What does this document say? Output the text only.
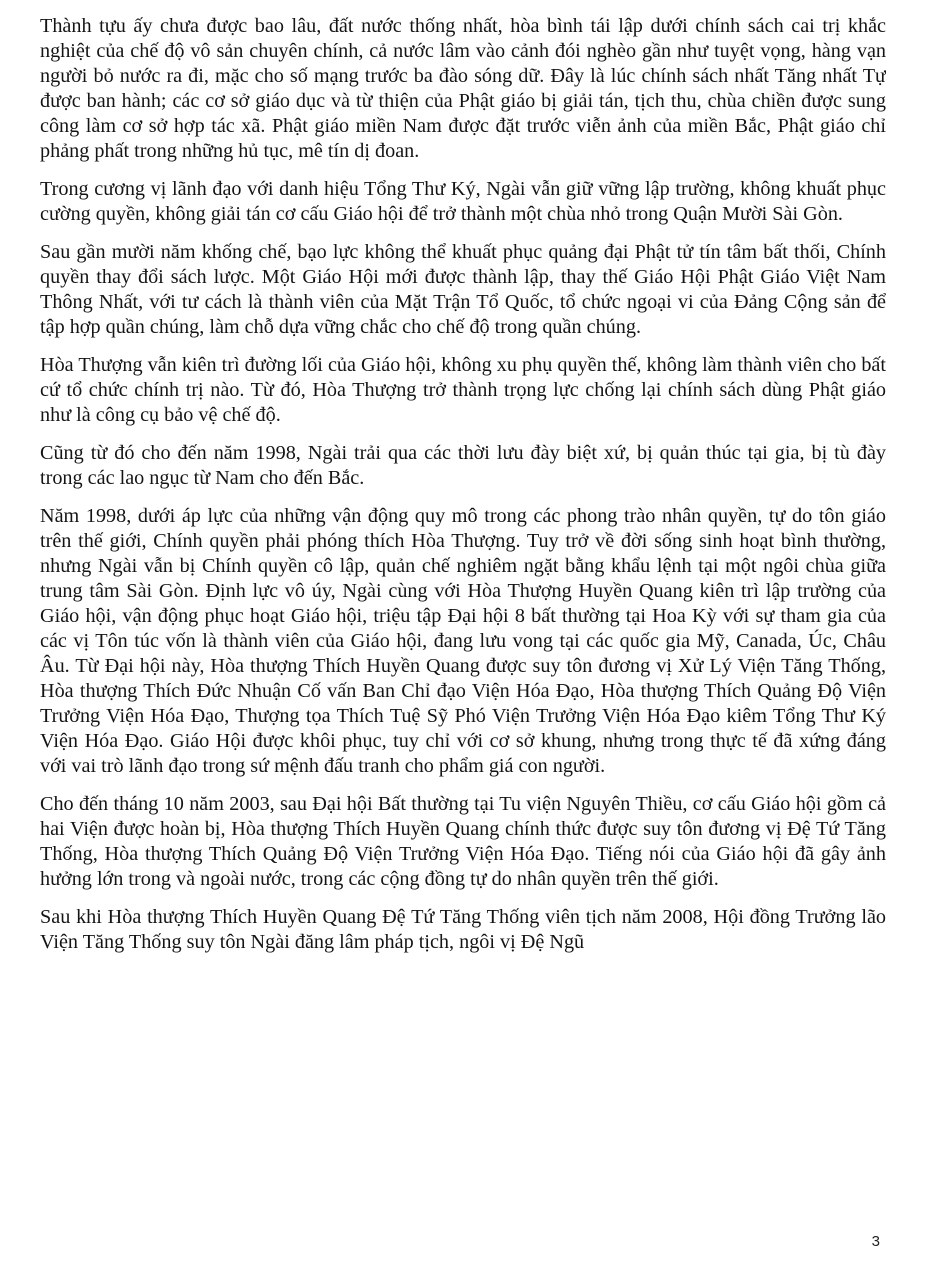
Thành tựu ấy chưa được bao lâu, đất nước thống nhất, hòa bình tái lập dưới chính sách cai trị khắc nghiệt của chế độ vô sản chuyên chính, cả nước lâm vào cảnh đói nghèo gần như tuyệt vọng, hàng vạn người bỏ nước ra đi, mặc cho số mạng trước ba đào sóng dữ. Đây là lúc chính sách nhất Tăng nhất Tự được ban hành; các cơ sở giáo dục và từ thiện của Phật giáo bị giải tán, tịch thu, chùa chiền được sung công làm cơ sở hợp tác xã. Phật giáo miền Nam được đặt trước viễn ảnh của miền Bắc, Phật giáo chỉ phảng phất trong những hủ tục, mê tín dị đoan.

Trong cương vị lãnh đạo với danh hiệu Tổng Thư Ký, Ngài vẫn giữ vững lập trường, không khuất phục cường quyền, không giải tán cơ cấu Giáo hội để trở thành một chùa nhỏ trong Quận Mười Sài Gòn.

Sau gần mười năm khống chế, bạo lực không thể khuất phục quảng đại Phật tử tín tâm bất thối, Chính quyền thay đổi sách lược. Một Giáo Hội mới được thành lập, thay thế Giáo Hội Phật Giáo Việt Nam Thông Nhất, với tư cách là thành viên của Mặt Trận Tổ Quốc, tổ chức ngoại vi của Đảng Cộng sản để tập hợp quần chúng, làm chỗ dựa vững chắc cho chế độ trong quần chúng.

Hòa Thượng vẫn kiên trì đường lối của Giáo hội, không xu phụ quyền thế, không làm thành viên cho bất cứ tổ chức chính trị nào. Từ đó, Hòa Thượng trở thành trọng lực chống lại chính sách dùng Phật giáo như là công cụ bảo vệ chế độ.

Cũng từ đó cho đến năm 1998, Ngài trải qua các thời lưu đày biệt xứ, bị quản thúc tại gia, bị tù đày trong các lao ngục từ Nam cho đến Bắc.

Năm 1998, dưới áp lực của những vận động quy mô trong các phong trào nhân quyền, tự do tôn giáo trên thế giới, Chính quyền phải phóng thích Hòa Thượng. Tuy trở về đời sống sinh hoạt bình thường, nhưng Ngài vẫn bị Chính quyền cô lập, quản chế nghiêm ngặt bằng khẩu lệnh tại một ngôi chùa giữa trung tâm Sài Gòn. Định lực vô úy, Ngài cùng với Hòa Thượng Huyền Quang kiên trì lập trường của Giáo hội, vận động phục hoạt Giáo hội, triệu tập Đại hội 8 bất thường tại Hoa Kỳ với sự tham gia của các vị Tôn túc vốn là thành viên của Giáo hội, đang lưu vong tại các quốc gia Mỹ, Canada, Úc, Châu Âu. Từ Đại hội này, Hòa thượng Thích Huyền Quang được suy tôn đương vị Xử Lý Viện Tăng Thống, Hòa thượng Thích Đức Nhuận Cố vấn Ban Chỉ đạo Viện Hóa Đạo, Hòa thượng Thích Quảng Độ Viện Trưởng Viện Hóa Đạo, Thượng tọa Thích Tuệ Sỹ Phó Viện Trưởng Viện Hóa Đạo kiêm Tổng Thư Ký Viện Hóa Đạo. Giáo Hội được khôi phục, tuy chỉ với cơ sở khung, nhưng trong thực tế đã xứng đáng với vai trò lãnh đạo trong sứ mệnh đấu tranh cho phẩm giá con người.

Cho đến tháng 10 năm 2003, sau Đại hội Bất thường tại Tu viện Nguyên Thiều, cơ cấu Giáo hội gồm cả hai Viện được hoàn bị, Hòa thượng Thích Huyền Quang chính thức được suy tôn đương vị Đệ Tứ Tăng Thống, Hòa thượng Thích Quảng Độ Viện Trưởng Viện Hóa Đạo. Tiếng nói của Giáo hội đã gây ảnh hưởng lớn trong và ngoài nước, trong các cộng đồng tự do nhân quyền trên thế giới.

Sau khi Hòa thượng Thích Huyền Quang Đệ Tứ Tăng Thống viên tịch năm 2008, Hội đồng Trưởng lão Viện Tăng Thống suy tôn Ngài đăng lâm pháp tịch, ngôi vị Đệ Ngũ

3
